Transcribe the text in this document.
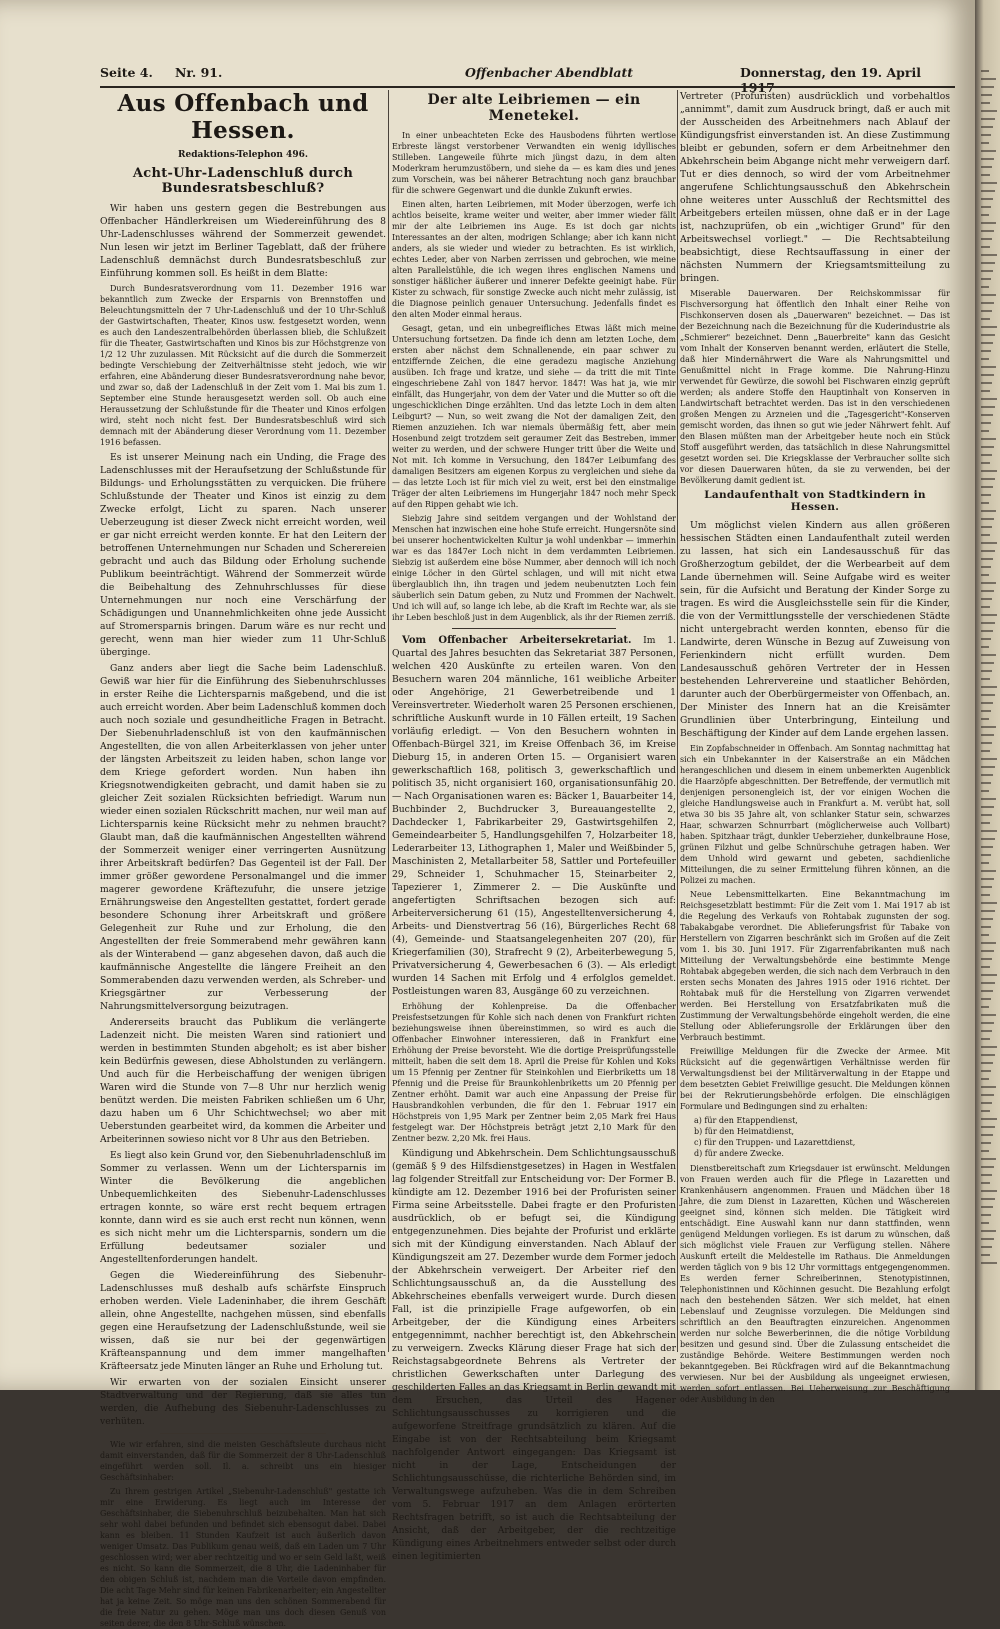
Seite 4. Nr. 91.	Offenbacher Abendblatt	Donnerstag, den 19. April
Aus Offenbach und Hessen.
Redaktions-Telephon 496.
Acht-Uhr-Ladenschluß durch Bundesratsbeschluß?

Wir haben uns gestern gegen die Bestrebungen aus Offenbacher Händlerkreisen um Wiedereinführung des 8 Uhr-Ladenschlusses während der Sommerzeit gewendet. Nun lesen wir jetzt im Berliner Tageblatt, daß der frühere Ladenschluß demnächst durch Bundesratsbeschluß zur Einführung kommen soll. Es heißt in dem Blatte:

Durch Bundesratsverordnung vom 11. Dezember 1916 war bekanntlich zum Zwecke der Ersparnis von Brennstoffen und Beleuchtungsmitteln der 7 Uhr-Ladenschluß und der 10 Uhr-Schluß der Gastwirtschaften, Theater, Kinos usw. festgesetzt worden, wenn es auch den Landeszentralbehörden überlassen blieb, die Schlußzeit für die Theater, Gastwirtschaften und Kinos bis zur Höchstgrenze von 1/2 12 Uhr zuzulassen. Mit Rücksicht auf die durch die Sommerzeit bedingte Verschiebung der Zeitverhältnisse steht jedoch, wie wir erfahren, eine Abänderung dieser Bundesratsverordnung nahe bevor, und zwar so, daß der Ladenschluß in der Zeit vom 1. Mai bis zum 1. September eine Stunde herausgesetzt werden soll. Ob auch eine Heraussetzung der Schlußstunde für die Theater und Kinos erfolgen wird, steht noch nicht fest. Der Bundesratsbeschluß wird sich demnach mit der Abänderung dieser Verordnung vom 11. Dezember 1916 befassen.

Es ist unserer Meinung nach ein Unding, die Frage des Ladenschlusses mit der Heraufsetzung der Schlußstunde für Bildungs- und Erholungsstätten zu verquicken. Die frühere Schlußstunde der Theater und Kinos ist einzig zu dem Zwecke erfolgt, Licht zu sparen. Nach unserer Ueberzeugung ist dieser Zweck nicht erreicht worden, weil er gar nicht erreicht werden konnte. Er hat den Leitern der betroffenen Unternehmungen nur Schaden und Scherereien gebracht und auch das Bildung oder Erholung suchende Publikum beeinträchtigt. Während der Sommerzeit würde die Beibehaltung des Zehnuhrschlusses für diese Unternehmungen nur noch eine Verschärfung der Schädigungen und Unannehmlichkeiten ohne jede Aussicht auf Stromersparnis bringen. Darum wäre es nur recht und gerecht, wenn man hier wieder zum 11 Uhr-Schluß überginge.

Ganz anders aber liegt die Sache beim Ladenschluß. Gewiß war hier für die Einführung des Siebenuhrschlusses in erster Reihe die Lichtersparnis maßgebend, und die ist auch erreicht worden. Aber beim Ladenschluß kommen doch auch noch soziale und gesundheitliche Fragen in Betracht. Der Siebenuhrladenschluß ist von den kaufmännischen Angestellten, die von allen Arbeiterklassen von jeher unter der längsten Arbeitszeit zu leiden haben, schon lange vor dem Kriege gefordert worden. Nun haben ihn Kriegsnotwendigkeiten gebracht, und damit haben sie zu gleicher Zeit sozialen Rücksichten befriedigt. Warum nun wieder einen sozialen Rückschritt machen, nur weil man auf Lichtersparnis keine Rücksicht mehr zu nehmen braucht? Glaubt man, daß die kaufmännischen Angestellten während der Sommerzeit weniger einer verringerten Ausnützung ihrer Arbeitskraft bedürfen? Das Gegenteil ist der Fall. Der immer größer gewordene Personalmangel und die immer magerer gewordene Kräftezufuhr, die unsere jetzige Ernährungsweise den Angestellten gestattet, fordert gerade besondere Schonung ihrer Arbeitskraft und größere Gelegenheit zur Ruhe und zur Erholung, die den Angestellten der freie Sommerabend mehr gewähren kann als der Winterabend — ganz abgesehen davon, daß auch die kaufmännische Angestellte die längere Freiheit an den Sommerabenden dazu verwenden werden, als Schreber- und Kriegsgärtner zur Verbesserung der Nahrungsmittelversorgung beizutragen.

Andererseits braucht das Publikum die verlängerte Ladenzeit nicht. Die meisten Waren sind rationiert und werden in bestimmten Stunden abgeholt; es ist aber bisher kein Bedürfnis gewesen, diese Abholstunden zu verlängern. Und auch für die Herbeischaffung der wenigen übrigen Waren wird die Stunde von 7—8 Uhr nur herzlich wenig benützt werden. Die meisten Fabriken schließen um 6 Uhr, dazu haben um 6 Uhr Schichtwechsel; wo aber mit Ueberstunden gearbeitet wird, da kommen die Arbeiter und Arbeiterinnen sowieso nicht vor 8 Uhr aus den Betrieben.

Es liegt also kein Grund vor, den Siebenuhrladenschluß im Sommer zu verlassen. Wenn um der Lichtersparnis im Winter die Bevölkerung die angeblichen Unbequemlichkeiten des Siebenuhr-Ladenschlusses ertragen konnte, so wäre erst recht bequem ertragen konnte, dann wird es sie auch erst recht nun können, wenn es sich nicht mehr um die Lichtersparnis, sondern um die Erfüllung bedeutsamer sozialer und Angestelltenforderungen handelt.

Gegen die Wiedereinführung des Siebenuhr-Ladenschlusses muß deshalb aufs schärfste Einspruch erhoben werden. Viele Ladeninhaber, die ihrem Geschäft allein, ohne Angestellte, nachgehen müssen, sind ebenfalls gegen eine Heraufsetzung der Ladenschlußstunde, weil sie wissen, daß sie nur bei der gegenwärtigen Kräfteanspannung und dem immer mangelhaften Kräfteersatz jede Minuten länger an Ruhe und Erholung tut.

Wir erwarten von der sozialen Einsicht unserer Stadtverwaltung und der Regierung, daß sie alles tun werden, die Aufhebung des Siebenuhr-Ladenschlusses zu verhüten.

Wie wir erfahren, sind die meisten Geschäftsleute durchaus nicht damit einverstanden, daß für die Sommerzeit der 8 Uhr-Ladenschluß eingeführt werden soll. Il. a. schreibt uns ein hiesiger Geschäftsinhaber:

Zu Ihrem gestrigen Artikel „Siebenuhr-Ladenschluß" gestatte ich mir eine Erwiderung. Es liegt auch im Interesse der Geschäftsinhaber, die Siebenuhrschluß beizubehalten. Man hat sich sehr wohl dabei befunden und befindet sich ebensogut dabei. Dabei kann es bleiben. 11 Stunden Kaufzeit ist auch äußerlich davon weniger Umsatz. Das Publikum genau weiß, daß ein Laden um 7 Uhr geschlossen wird; wer aber rechtzeitig und wo er sein Geld laßt, weiß es nicht. So kann die Sommerzeit, die 8 Uhr, die Ladeninhaber für den obigen Schluß ist, nachdem man die Vorteile davon empfinden. Die acht Tage Mehr sind für keinen Fabrikenarbeiter; ein Angestellter hat ja keine Zeit. So möge man uns den schönen Sommerabend für die freie Natur zu gehen. Möge man uns doch diesen Genuß von seiten derer, die den 8 Uhr-Schluß wünschen.

Der alte Leibriemen — ein Menetekel.

In einer unbeachteten Ecke des Hausbodens führten wertlose Erbreste längst verstorbener Verwandten ein wenig idyllisches Stilleben. Langeweile führte mich jüngst dazu, in dem alten Moderkram herumzustöbern, und siehe da — es kam dies und jenes zum Vorschein, was bei näherer Betrachtung noch ganz brauchbar für die schwere Gegenwart und die dunkle Zukunft erwies.

Einen alten, harten Leibriemen, mit Moder überzogen, werfe ich achtlos beiseite, krame weiter und weiter, aber immer wieder fällt mir der alte Leibriemen ins Auge. Es ist doch gar nichts Interessantes an der alten, modrigen Schlange; aber ich kann nicht anders, als sie wieder und wieder zu betrachten. Es ist wirklich, echtes Leder, aber von Narben zerrissen und gebrochen, wie meine alten Parallelstühle, die ich wegen ihres englischen Namens und sonstiger häßlicher äußerer und innerer Defekte geeinigt habe. Für Kister zu schwach, für sonstige Zwecke auch nicht mehr zulässig, ist die Diagnose peinlich genauer Untersuchung. Jedenfalls findet es den alten Moder einmal heraus.

Gesagt, getan, und ein unbegreifliches Etwas läßt mich meine Untersuchung fortsetzen. Da finde ich denn am letzten Loche, dem ersten aber nächst dem Schnallenende, ein paar schwer zu entziffernde Zeichen, die eine geradezu magische Anziehung ausüben. Ich frage und kratze, und siehe — da tritt die mit Tinte eingeschriebene Zahl von 1847 hervor. 1847! Was hat ja, wie mir einfällt, das Hungerjahr, von dem der Vater und die Mutter so oft die ungeschicklichen Dinge erzählten. Und das letzte Loch in dem alten Leibgurt? — Nun, so weit zwang die Not der damaligen Zeit, den Riemen anzuziehen. Ich war niemals übermäßig fett, aber mein Hosenbund zeigt trotzdem seit geraumer Zeit das Bestreben, immer weiter zu werden, und der schwere Hunger tritt über die Weite und Not mit. Ich komme in Versuchung, den 1847er Leibumfang des damaligen Besitzers am eigenen Korpus zu vergleichen und siehe da — das letzte Loch ist für mich viel zu weit, erst bei den einstmalige Träger der alten Leibriemens im Hungerjahr 1847 noch mehr Speck auf den Rippen gehabt wie ich.

Siebzig Jahre sind seitdem vergangen und der Wohlstand der Menschen hat inzwischen eine hohe Stufe erreicht. Hungersnöte sind bei unserer hochentwickelten Kultur ja wohl undenkbar — immerhin war es das 1847er Loch nicht in dem verdammten Leibriemen. Siebzig ist außerdem eine böse Nummer, aber dennoch will ich noch einige Löcher in den Gürtel schlagen, und will mit nicht etwa überglaublich ihn, ihn tragen und jedem neubenutzten Loch fein säuberlich sein Datum geben, zu Nutz und Frommen der Nachwelt. Und ich will auf, so lange ich lebe, ab die Kraft im Rechte war, als sie ihr Leben beschloß just in dem Augenblick, als ihr der Riemen zerriß.

Vom Offenbacher Arbeitersekretariat. Im 1. Quartal des Jahres besuchten das Sekretariat 387 Personen, welchen 420 Auskünfte zu erteilen waren. Von den Besuchern waren 204 männliche, 161 weibliche Arbeiter oder Angehörige, 21 Gewerbetreibende und 1 Vereinsvertreter. Wiederholt waren 25 Personen erschienen, schriftliche Auskunft wurde in 10 Fällen erteilt, 19 Sachen vorläufig erledigt. — Von den Besuchern wohnten in Offenbach-Bürgel 321, im Kreise Offenbach 36, im Kreise Dieburg 15, in anderen Orten 15. — Organisiert waren gewerkschaftlich 168, politisch 3, gewerkschaftlich und politisch 35, nicht organisiert 160, organisationsunfähig 20. — Nach Organisationen waren es: Bäcker 1, Bauarbeiter 14, Buchbinder 2, Buchdrucker 3, Bureauangestellte 2, Dachdecker 1, Fabrikarbeiter 29, Gastwirtsgehilfen 2, Gemeindearbeiter 5, Handlungsgehilfen 7, Holzarbeiter 18, Lederarbeiter 13, Lithographen 1, Maler und Weißbinder 5, Maschinisten 2, Metallarbeiter 58, Sattler und Portefeuiller 29, Schneider 1, Schuhmacher 15, Steinarbeiter 2, Tapezierer 1, Zimmerer 2. — Die Auskünfte und angefertigten Schriftsachen bezogen sich auf: Arbeiterversicherung 61 (15), Angestelltenversicherung 4, Arbeits- und Dienstvertrag 56 (16), Bürgerliches Recht 68 (4), Gemeinde- und Staatsangelegenheiten 207 (20), für Kriegerfamilien (30), Strafrecht 9 (2), Arbeiterbewegung 5, Privatversicherung 4, Gewerbesachen 6 (3). — Als erledigt wurden 14 Sachen mit Erfolg und 4 erfolglos gemeldet. Postleistungen waren 83, Ausgänge 60 zu verzeichnen.

Erhöhung der Kohlenpreise. Da die Offenbacher Preisfestsetzungen für Kohle sich nach denen von Frankfurt richten beziehungsweise ihnen übereinstimmen, so wird es auch die Offenbacher Einwohner interessieren, daß in Frankfurt eine Erhöhung der Preise bevorsteht. Wie die dortige Preisprüfungsstelle mitteilt, haben die seit dem 18. April die Preise für Kohlen und Koks um 15 Pfennig per Zentner für Steinkohlen und Eierbriketts um 18 Pfennig und die Preise für Braunkohlenbriketts um 20 Pfennig per Zentner erhöht. Damit war auch eine Anpassung der Preise für Hausbrandkohlen verbunden, die für den 1. Februar 1917 ein Höchstpreis von 1,95 Mark per Zentner beim 2,05 Mark frei Haus festgelegt war. Der Höchstpreis beträgt jetzt 2,10 Mark für den Zentner bezw. 2,20 Mk. frei Haus.

Kündigung und Abkehrschein. Dem Schlichtungsausschuß (gemäß § 9 des Hilfsdienstgesetzes) in Hagen in Westfalen lag folgender Streitfall zur Entscheidung vor: Der Former B. kündigte am 12. Dezember 1916 bei der Profuristen seiner Firma seine Arbeitsstelle. Dabei fragte er den Profuristen ausdrücklich, ob er befugt sei, die Kündigung entgegenzunehmen. Dies bejahte der Profurist und erklärte sich mit der Kündigung einverstanden. Nach Ablauf der Kündigungszeit am 27. Dezember wurde dem Former jedoch der Abkehrschein verweigert. Der Arbeiter rief den Schlichtungsausschuß an, da die Ausstellung des Abkehrscheines ebenfalls verweigert wurde. Durch diesen Fall, ist die prinzipielle Frage aufgeworfen, ob ein Arbeitgeber, der die Kündigung eines Arbeiters entgegennimmt, nachher berechtigt ist, den Abkehrschein zu verweigern. Zwecks Klärung dieser Frage hat sich der Reichstagsabgeordnete Behrens als Vertreter der christlichen Gewerkschaften unter Darlegung des geschilderten Falles an das Kriegsamt in Berlin gewandt mit dem Ersuchen, das Urteil des Hagener Schlichtungsausschusses zu korrigieren und die aufgeworfene Streitfrage grundsätzlich zu klären. Auf die Eingabe ist von der Rechtsabteilung beim Kriegsamt nachfolgender Antwort eingegangen: Das Kriegsamt ist nicht in der Lage, Entscheidungen der Schlichtungsausschüsse, die richterliche Behörden sind, im Verwaltungswege aufzuheben. Was die in dem Schreiben vom 5. Februar 1917 an dem Anlagen erörterten Rechtsfragen betrifft, so ist auch die Rechtsabteilung der Ansicht, daß der Arbeitgeber, der die rechtzeitige Kündigung eines Arbeitnehmers entweder selbst oder durch einen legitimierten

Vertreter (Profuristen) ausdrücklich und vorbehaltlos „annimmt", damit zum Ausdruck bringt, daß er auch mit der Ausscheiden des Arbeitnehmers nach Ablauf der Kündigungsfrist einverstanden ist. An diese Zustimmung bleibt er gebunden, sofern er dem Arbeitnehmer den Abkehrschein beim Abgange nicht mehr verweigern darf. Tut er dies dennoch, so wird der vom Arbeitnehmer angerufene Schlichtungsausschuß den Abkehrschein ohne weiteres unter Ausschluß der Rechtsmittel des Arbeitgebers erteilen müssen, ohne daß er in der Lage ist, nachzuprüfen, ob ein „wichtiger Grund" für den Arbeitswechsel vorliegt." — Die Rechtsabteilung beabsichtigt, diese Rechtsauffassung in einer der nächsten Nummern der Kriegsamtsmitteilung zu bringen.

Miserable Dauerwaren. Der Reichskommissar für Fischversorgung hat öffentlich den Inhalt einer Reihe von Fischkonserven dosen als „Dauerwaren" bezeichnet. — Das ist der Bezeichnung nach die Bezeichnung für die Kuderindustrie als „Schmierer" bezeichnet. Denn „Bauerbreite" kann das Gesicht vom Inhalt der Konserven benannt werden, erläutert die Stelle, daß hier Mindernährwert die Ware als Nahrungsmittel und Genußmittel nicht in Frage komme. Die Nahrung-Hinzu verwendet für Gewürze, die sowohl bei Fischwaren einzig geprüft werden; als andere Stoffe den Hauptinhalt von Konserven in Landwirtschaft betrachtet werden. Das ist in den verschiedenen großen Mengen zu Arzneien und die „Tagesgericht"-Konserven gemischt worden, das ihnen so gut wie jeder Nährwert fehlt. Auf den Blasen müßten man der Arbeitgeber heute noch ein Stück Stoff ausgeführt werden, das tatsächlich in diese Nahrungsmittel gesetzt worden sei. Die Kriegsklasse der Verbraucher sollte sich vor diesen Dauerwaren hüten, da sie zu verwenden, bei der Bevölkerung damit gedient ist.

Landaufenthalt von Stadtkindern in Hessen.

Um möglichst vielen Kindern aus allen größeren hessischen Städten einen Landaufenthalt zuteil werden zu lassen, hat sich ein Landesausschuß für das Großherzogtum gebildet, der die Werbearbeit auf dem Lande übernehmen will. Seine Aufgabe wird es weiter sein, für die Aufsicht und Beratung der Kinder Sorge zu tragen. Es wird die Ausgleichsstelle sein für die Kinder, die von der Vermittlungsstelle der verschiedenen Städte nicht untergebracht werden konnten, ebenso für die Landwirte, deren Wünsche in Bezug auf Zuweisung von Ferienkindern nicht erfüllt wurden. Dem Landesausschuß gehören Vertreter der in Hessen bestehenden Lehrervereine und staatlicher Behörden, darunter auch der Oberbürgermeister von Offenbach, an. Der Minister des Innern hat an die Kreisämter Grundlinien über Unterbringung, Einteilung und Beschäftigung der Kinder auf dem Lande ergehen lassen.

Ein Zopfabschneider in Offenbach. Am Sonntag nachmittag hat sich ein Unbekannter in der Kaiserstraße an ein Mädchen herangeschlichen und diesem in einem unbemerkten Augenblick die Haarzöpfe abgeschnitten. Der Betreffende, der vermutlich mit denjenigen personengleich ist, der vor einigen Wochen die gleiche Handlungsweise auch in Frankfurt a. M. verübt hat, soll etwa 30 bis 35 Jahre alt, von schlanker Statur sein, schwarzes Haar, schwarzen Schnurrbart (möglicherweise auch Vollbart) haben. Spitzhaar trägt, dunkler Ueberzieher, dunkelbraune Hose, grünen Filzhut und gelbe Schnürschuhe getragen haben. Wer dem Unhold wird gewarnt und gebeten, sachdienliche Mitteilungen, die zu seiner Ermittelung führen können, an die Polizei zu machen.

Neue Lebensmittelkarten. Eine Bekanntmachung im Reichsgesetzblatt bestimmt: Für die Zeit vom 1. Mai 1917 ab ist die Regelung des Verkaufs von Rohtabak zugunsten der sog. Tabakabgabe verordnet. Die Ablieferungsfrist für Tabake von Herstellern von Zigarren beschränkt sich im Großen auf die Zeit vom 1. bis 30. Juni 1917. Für Zigarrenfabrikanten muß nach Mitteilung der Verwaltungsbehörde eine bestimmte Menge Rohtabak abgegeben werden, die sich nach dem Verbrauch in den ersten sechs Monaten des Jahres 1915 oder 1916 richtet. Der Rohtabak muß für die Herstellung von Zigarren verwendet werden. Bei Herstellung von Ersatzfabrikaten muß die Zustimmung der Verwaltungsbehörde eingeholt werden, die eine Stellung oder Ablieferungsrolle der Erklärungen über den Verbrauch bestimmt.

Freiwillige Meldungen für die Zwecke der Armee. Mit Rücksicht auf die gegenwärtigen Verhältnisse werden für Verwaltungsdienst bei der Militärverwaltung in der Etappe und dem besetzten Gebiet Freiwillige gesucht. Die Meldungen können bei der Rekrutierungsbehörde erfolgen. Die einschlägigen Formulare und Bedingungen sind zu erhalten:

a) für den Etappendienst,
b) für den Heimatdienst,
c) für den Truppen- und Lazarettdienst,
d) für andere Zwecke.

Dienstbereitschaft zum Kriegsdauer ist erwünscht. Meldungen von Frauen werden auch für die Pflege in Lazaretten und Krankenhäusern angenommen. Frauen und Mädchen über 18 Jahre, die zum Dienst in Lazaretten, Küchen und Wäschereien geeignet sind, können sich melden. Die Tätigkeit wird entschädigt. Eine Auswahl kann nur dann stattfinden, wenn genügend Meldungen vorliegen. Es ist darum zu wünschen, daß sich möglichst viele Frauen zur Verfügung stellen. Nähere Auskunft erteilt die Meldestelle im Rathaus. Die Anmeldungen werden täglich von 9 bis 12 Uhr vormittags entgegengenommen. Es werden ferner Schreiberinnen, Stenotypistinnen, Telephonistinnen und Köchinnen gesucht. Die Bezahlung erfolgt nach den bestehenden Sätzen. Wer sich meldet, hat einen Lebenslauf und Zeugnisse vorzulegen. Die Meldungen sind schriftlich an den Beauftragten einzureichen. Angenommen werden nur solche Bewerberinnen, die die nötige Vorbildung besitzen und gesund sind. Über die Zulassung entscheidet die zuständige Behörde. Weitere Bestimmungen werden noch bekanntgegeben. Bei Rückfragen wird auf die Bekanntmachung verwiesen. Nur bei der Ausbildung als ungeeignet erwiesen, werden sofort entlassen. Bei Ueberweisung zur Beschäftigung oder Ausbildung in den
